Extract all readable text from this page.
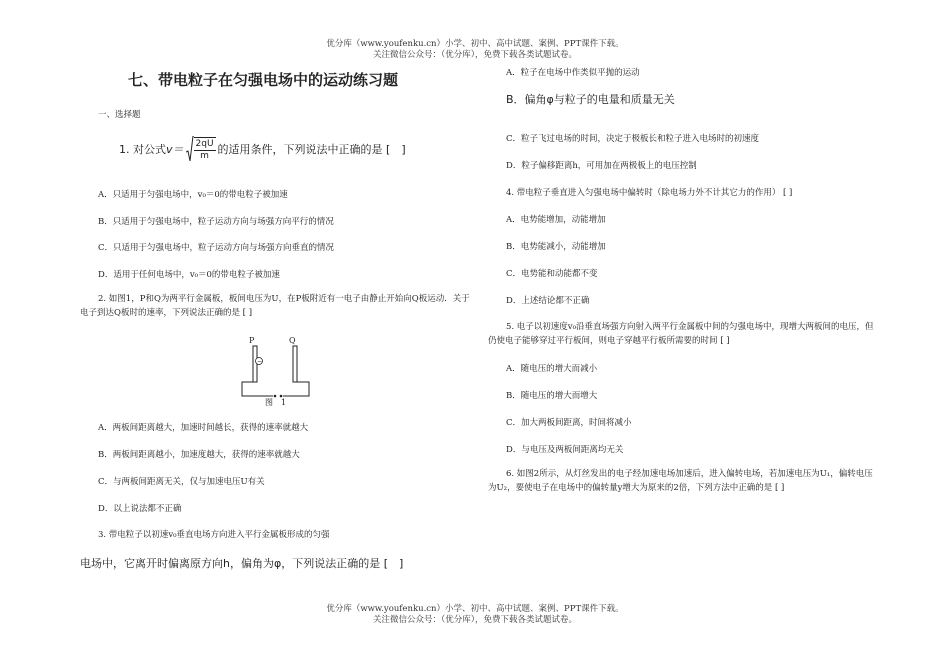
优分库（www.youfenku.cn）小学、初中、高中试题、案例、PPT课件下载。
关注微信公众号：（优分库），免费下载各类试题试卷。
七、带电粒子在匀强电场中的运动练习题
一、选择题
1. 对公式 $v= \frac{2qU}{m}$ 的适用条件，下列说法中正确的是 [　]
A．只适用于匀强电场中，v₀＝0的带电粒子被加速
B．只适用于匀强电场中，粒子运动方向与场强方向平行的情况
C．只适用于匀强电场中，粒子运动方向与场强方向垂直的情况
D．适用于任何电场中，v₀＝0的带电粒子被加速
2. 如图1，P和Q为两平行金属板，板间电压为U，在P板附近有一电子由静止开始向Q板运动．关于电子到达Q板时的速率，下列说法正确的是 [ ]
P	Q
−
图　1
A．两板间距离越大，加速时间越长，获得的速率就越大
B．两板间距离越小，加速度越大，获得的速率就越大
C．与两板间距离无关，仅与加速电压U有关
D．以上说法都不正确
3. 带电粒子以初速v₀垂直电场方向进入平行金属板形成的匀强
电场中，它离开时偏离原方向h，偏角为φ，下列说法正确的是 [　]
A．粒子在电场中作类似平抛的运动
B．偏角φ与粒子的电量和质量无关
C．粒子飞过电场的时间，决定于极板长和粒子进入电场时的初速度
D．粒子偏移距离h，可用加在两极板上的电压控制
4. 带电粒子垂直进入匀强电场中偏转时（除电场力外不计其它力的作用） [ ]
A．电势能增加，动能增加
B．电势能减小，动能增加
C．电势能和动能都不变
D．上述结论都不正确
5. 电子以初速度v₀沿垂直场强方向射入两平行金属板中间的匀强电场中，现增大两板间的电压，但仍使电子能够穿过平行板间，则电子穿越平行板所需要的时间 [ ]
A．随电压的增大而减小
B．随电压的增大而增大
C．加大两板间距离，时间将减小
D．与电压及两板间距离均无关
6. 如图2所示，从灯丝发出的电子经加速电场加速后，进入偏转电场，若加速电压为U₁，偏转电压为U₂，要使电子在电场中的偏转量y增大为原来的2倍，下列方法中正确的是 [ ]
优分库（www.youfenku.cn）小学、初中、高中试题、案例、PPT课件下载。
关注微信公众号：（优分库），免费下载各类试题试卷。
